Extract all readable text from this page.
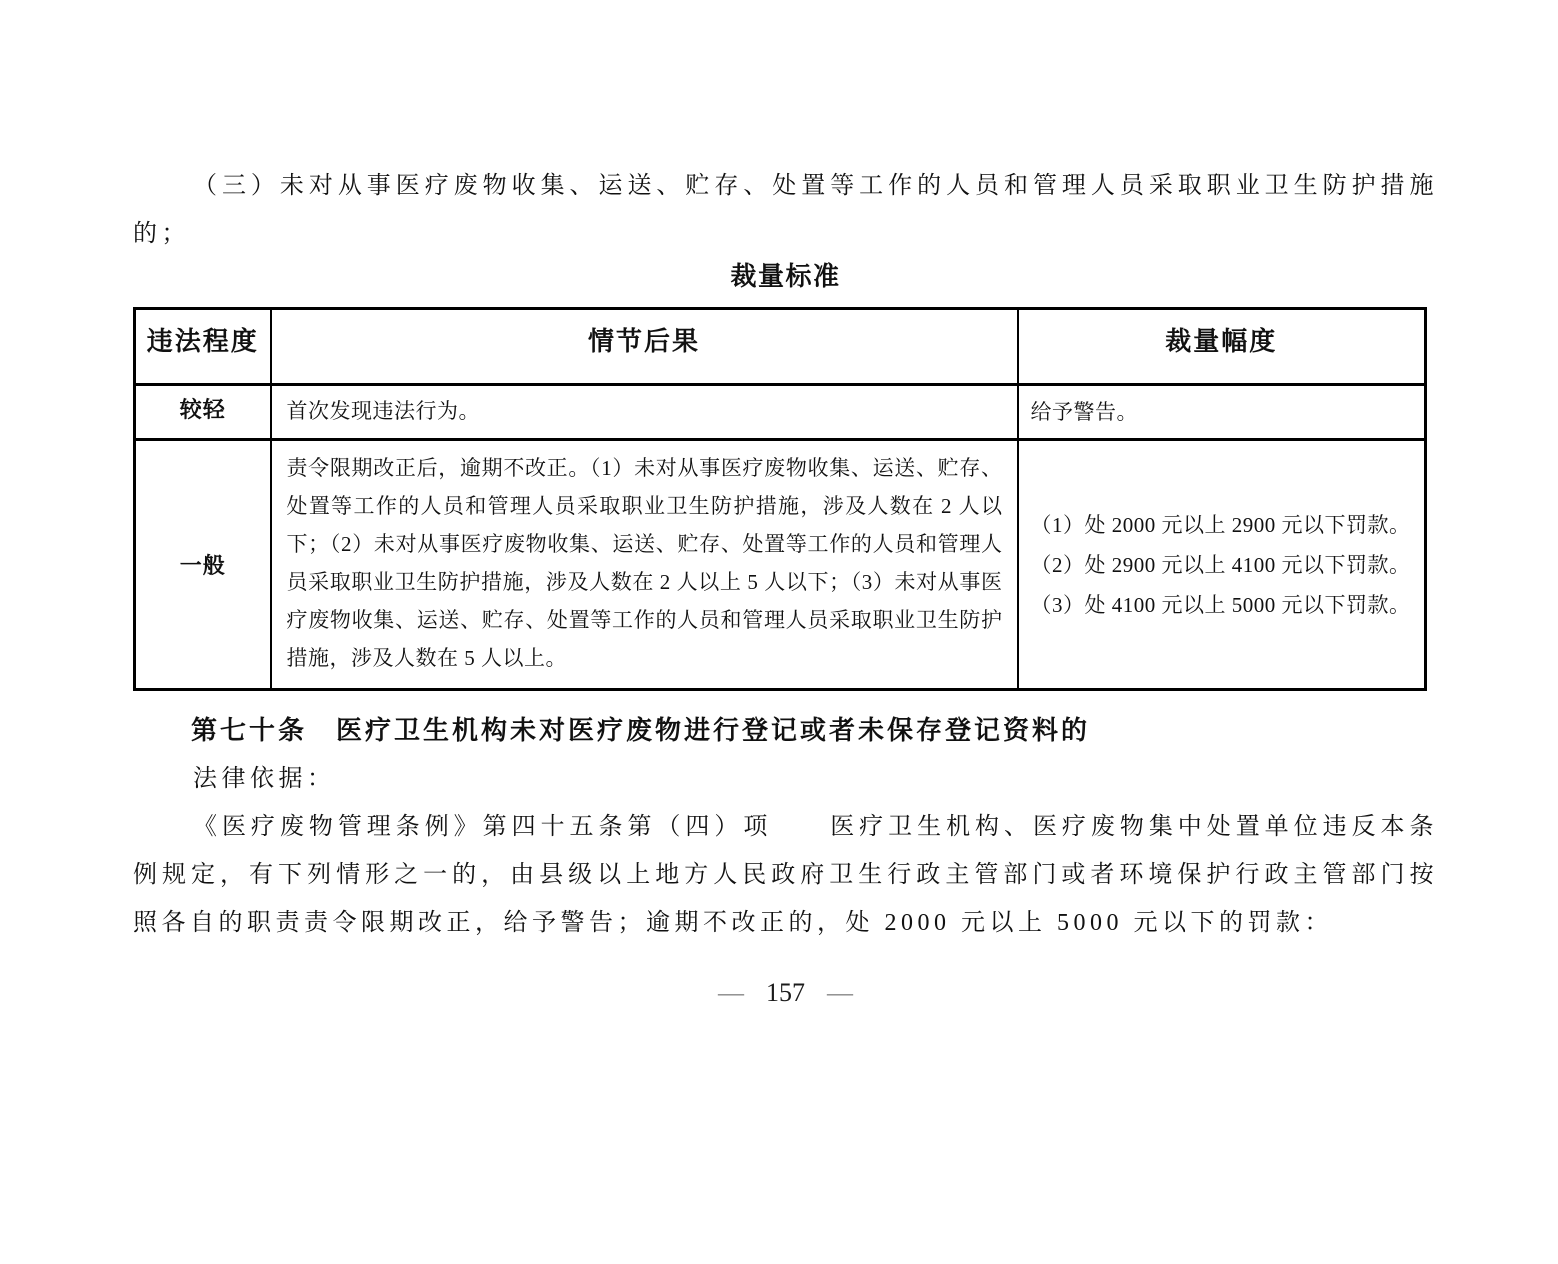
（三）未对从事医疗废物收集、运送、贮存、处置等工作的人员和管理人员采取职业卫生防护措施的；

裁量标准
违法程度	情节后果	裁量幅度
较轻	首次发现违法行为。	给予警告。

一般	责令限期改正后，逾期不改正。（1）未对从事医疗废物收集、运送、贮存、处置等工作的人员和管理人员采取职业卫生防护措施，涉及人数在 2 人以下；（2）未对从事医疗废物收集、运送、贮存、处置等工作的人员和管理人员采取职业卫生防护措施，涉及人数在 2 人以上 5 人以下；（3）未对从事医疗废物收集、运送、贮存、处置等工作的人员和管理人员采取职业卫生防护措施，涉及人数在 5 人以上。	（1）处 2000 元以上 2900 元以下罚款。
（2）处 2900 元以上 4100 元以下罚款。
（3）处 4100 元以上 5000 元以下罚款。

第七十条　医疗卫生机构未对医疗废物进行登记或者未保存登记资料的

法律依据：

《医疗废物管理条例》第四十五条第（四）项　　医疗卫生机构、医疗废物集中处置单位违反本条例规定，有下列情形之一的，由县级以上地方人民政府卫生行政主管部门或者环境保护行政主管部门按照各自的职责责令限期改正，给予警告；逾期不改正的，处 2000 元以上 5000 元以下的罚款：

— 157 —
